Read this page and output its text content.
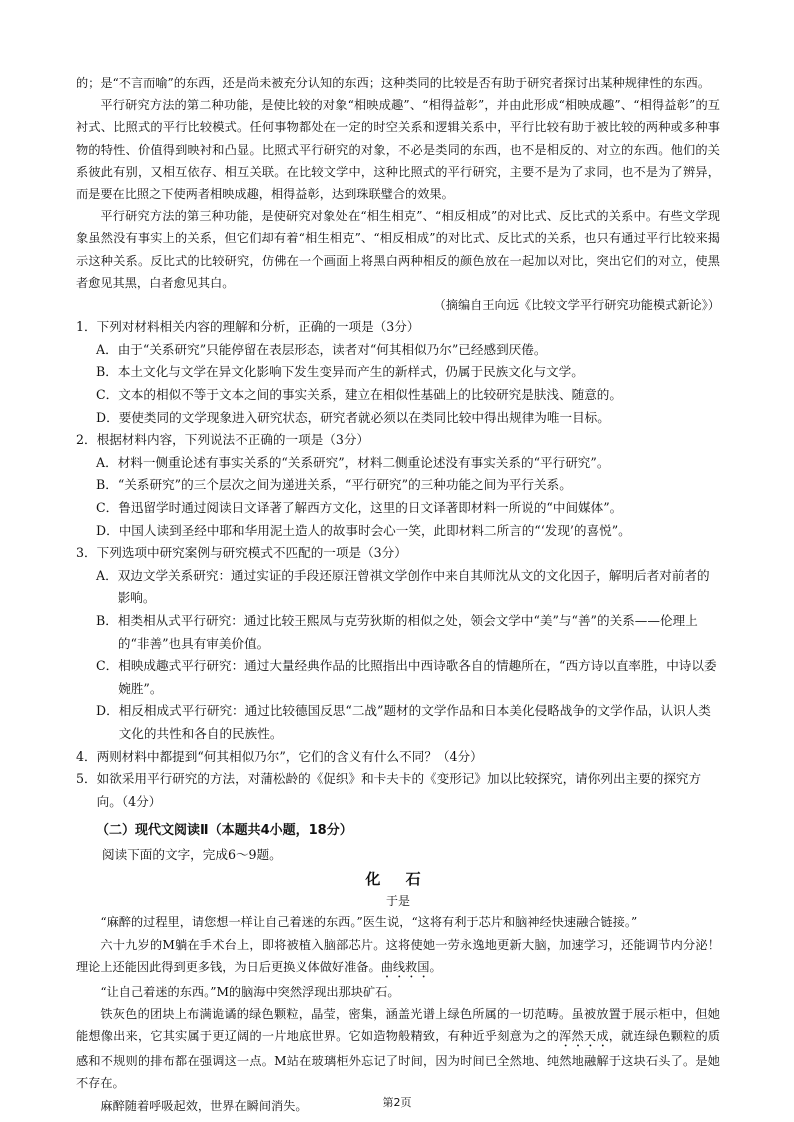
的；是“不言而喻”的东西，还是尚未被充分认知的东西；这种类同的比较是否有助于研究者探讨出某种规律性的东西。

平行研究方法的第二种功能，是使比较的对象“相映成趣”、“相得益彰”，并由此形成“相映成趣”、“相得益彰”的互衬式、比照式的平行比较模式。任何事物都处在一定的时空关系和逻辑关系中，平行比较有助于被比较的两种或多种事物的特性、价值得到映衬和凸显。比照式平行研究的对象，不必是类同的东西，也不是相反的、对立的东西。他们的关系彼此有别，又相互依存、相互关联。在比较文学中，这种比照式的平行研究，主要不是为了求同，也不是为了辨异，而是要在比照之下使两者相映成趣，相得益彰，达到珠联璧合的效果。

平行研究方法的第三种功能，是使研究对象处在“相生相克”、“相反相成”的对比式、反比式的关系中。有些文学现象虽然没有事实上的关系，但它们却有着“相生相克”、“相反相成”的对比式、反比式的关系，也只有通过平行比较来揭示这种关系。反比式的比较研究，仿佛在一个画面上将黑白两种相反的颜色放在一起加以对比，突出它们的对立，使黑者愈见其黑，白者愈见其白。

（摘编自王向远《比较文学平行研究功能模式新论》）

1． 下列对材料相关内容的理解和分析，正确的一项是（3分）
A． 由于“关系研究”只能停留在表层形态，读者对“何其相似乃尔”已经感到厌倦。
B． 本土文化与文学在异文化影响下发生变异而产生的新样式，仍属于民族文化与文学。
C． 文本的相似不等于文本之间的事实关系，建立在相似性基础上的比较研究是肤浅、随意的。
D． 要使类同的文学现象进入研究状态，研究者就必须以在类同比较中得出规律为唯一目标。
2． 根据材料内容，下列说法不正确的一项是（3分）
A． 材料一侧重论述有事实关系的“关系研究”，材料二侧重论述没有事实关系的“平行研究”。
B． “关系研究”的三个层次之间为递进关系，“平行研究”的三种功能之间为平行关系。
C． 鲁迅留学时通过阅读日文译著了解西方文化，这里的日文译著即材料一所说的“中间媒体”。
D． 中国人读到圣经中耶和华用泥土造人的故事时会心一笑，此即材料二所言的“‘发现’的喜悦”。
3． 下列选项中研究案例与研究模式不匹配的一项是（3分）
A． 双边文学关系研究：通过实证的手段还原汪曾祺文学创作中来自其师沈从文的文化因子，解明后者对前者的影响。
B． 相类相从式平行研究：通过比较王熙凤与克劳狄斯的相似之处，领会文学中“美”与“善”的关系——伦理上的“非善”也具有审美价值。
C． 相映成趣式平行研究：通过大量经典作品的比照指出中西诗歌各自的情趣所在，“西方诗以直率胜，中诗以委婉胜”。
D． 相反相成式平行研究：通过比较德国反思“二战”题材的文学作品和日本美化侵略战争的文学作品，认识人类文化的共性和各自的民族性。
4． 两则材料中都提到“何其相似乃尔”，它们的含义有什么不同？（4分）
5． 如欲采用平行研究的方法，对蒲松龄的《促织》和卡夫卡的《变形记》加以比较探究，请你列出主要的探究方向。（4分）
（二）现代文阅读Ⅱ（本题共4小题，18分）
阅读下面的文字，完成6～9题。
化 石
于是

“麻醉的过程里，请您想一样让自己着迷的东西。”医生说，“这将有利于芯片和脑神经快速融合链接。”

六十九岁的M躺在手术台上，即将被植入脑部芯片。这将使她一劳永逸地更新大脑，加速学习，还能调节内分泌！理论上还能因此得到更多钱，为日后更换义体做好准备。曲线救国。

“让自己着迷的东西。”M的脑海中突然浮现出那块矿石。

铁灰色的团块上布满诡谲的绿色颗粒，晶莹，密集，涵盖光谱上绿色所属的一切范畴。虽被放置于展示柜中，但她能想像出来，它其实属于更辽阔的一片地底世界。它如造物般精致，有种近乎刻意为之的浑然天成，就连绿色颗粒的质感和不规则的排布都在强调这一点。M站在玻璃柜外忘记了时间，因为时间已全然地、纯然地融解于这块石头了。是她不存在。

麻醉随着呼吸起效，世界在瞬间消失。	第2页
